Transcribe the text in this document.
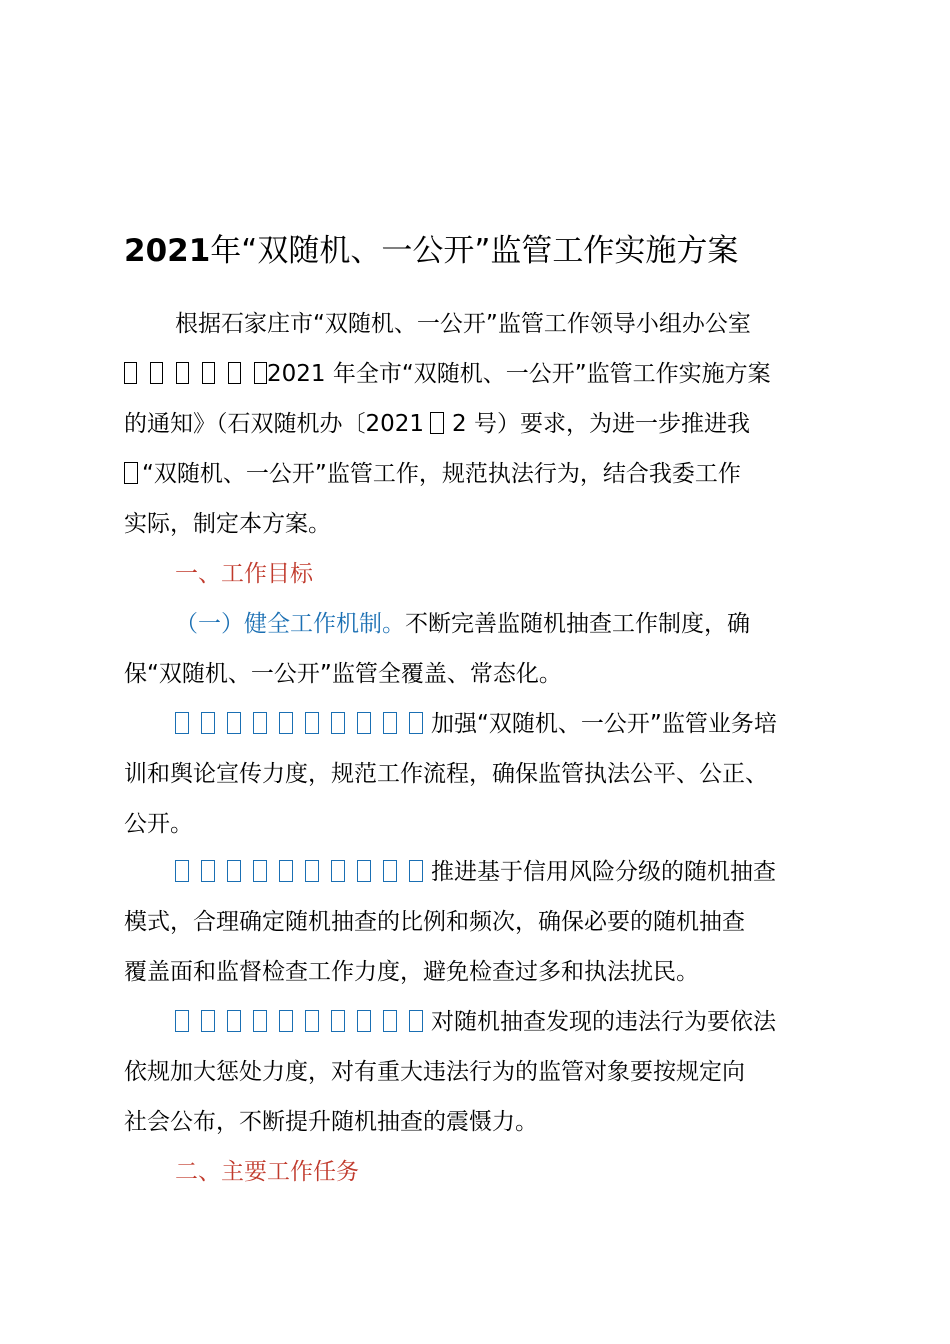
2021年“双随机、一公开”监管工作实施方案
根据石家庄市“双随机、一公开”监管工作领导小组办公室
2021 年全市“双随机、一公开”监管工作实施方案
的通知》（石双随机办〔2021 2 号）要求，为进一步推进我
“双随机、一公开”监管工作，规范执法行为，结合我委工作
实际，制定本方案。
一、工作目标
（一）健全工作机制。不断完善监随机抽查工作制度，确
保“双随机、一公开”监管全覆盖、常态化。
加强“双随机、一公开”监管业务培
训和舆论宣传力度，规范工作流程，确保监管执法公平、公正、
公开。
推进基于信用风险分级的随机抽查
模式，合理确定随机抽查的比例和频次，确保必要的随机抽查
覆盖面和监督检查工作力度，避免检查过多和执法扰民。
对随机抽查发现的违法行为要依法
依规加大惩处力度，对有重大违法行为的监管对象要按规定向
社会公布，不断提升随机抽查的震慑力。
二、主要工作任务
